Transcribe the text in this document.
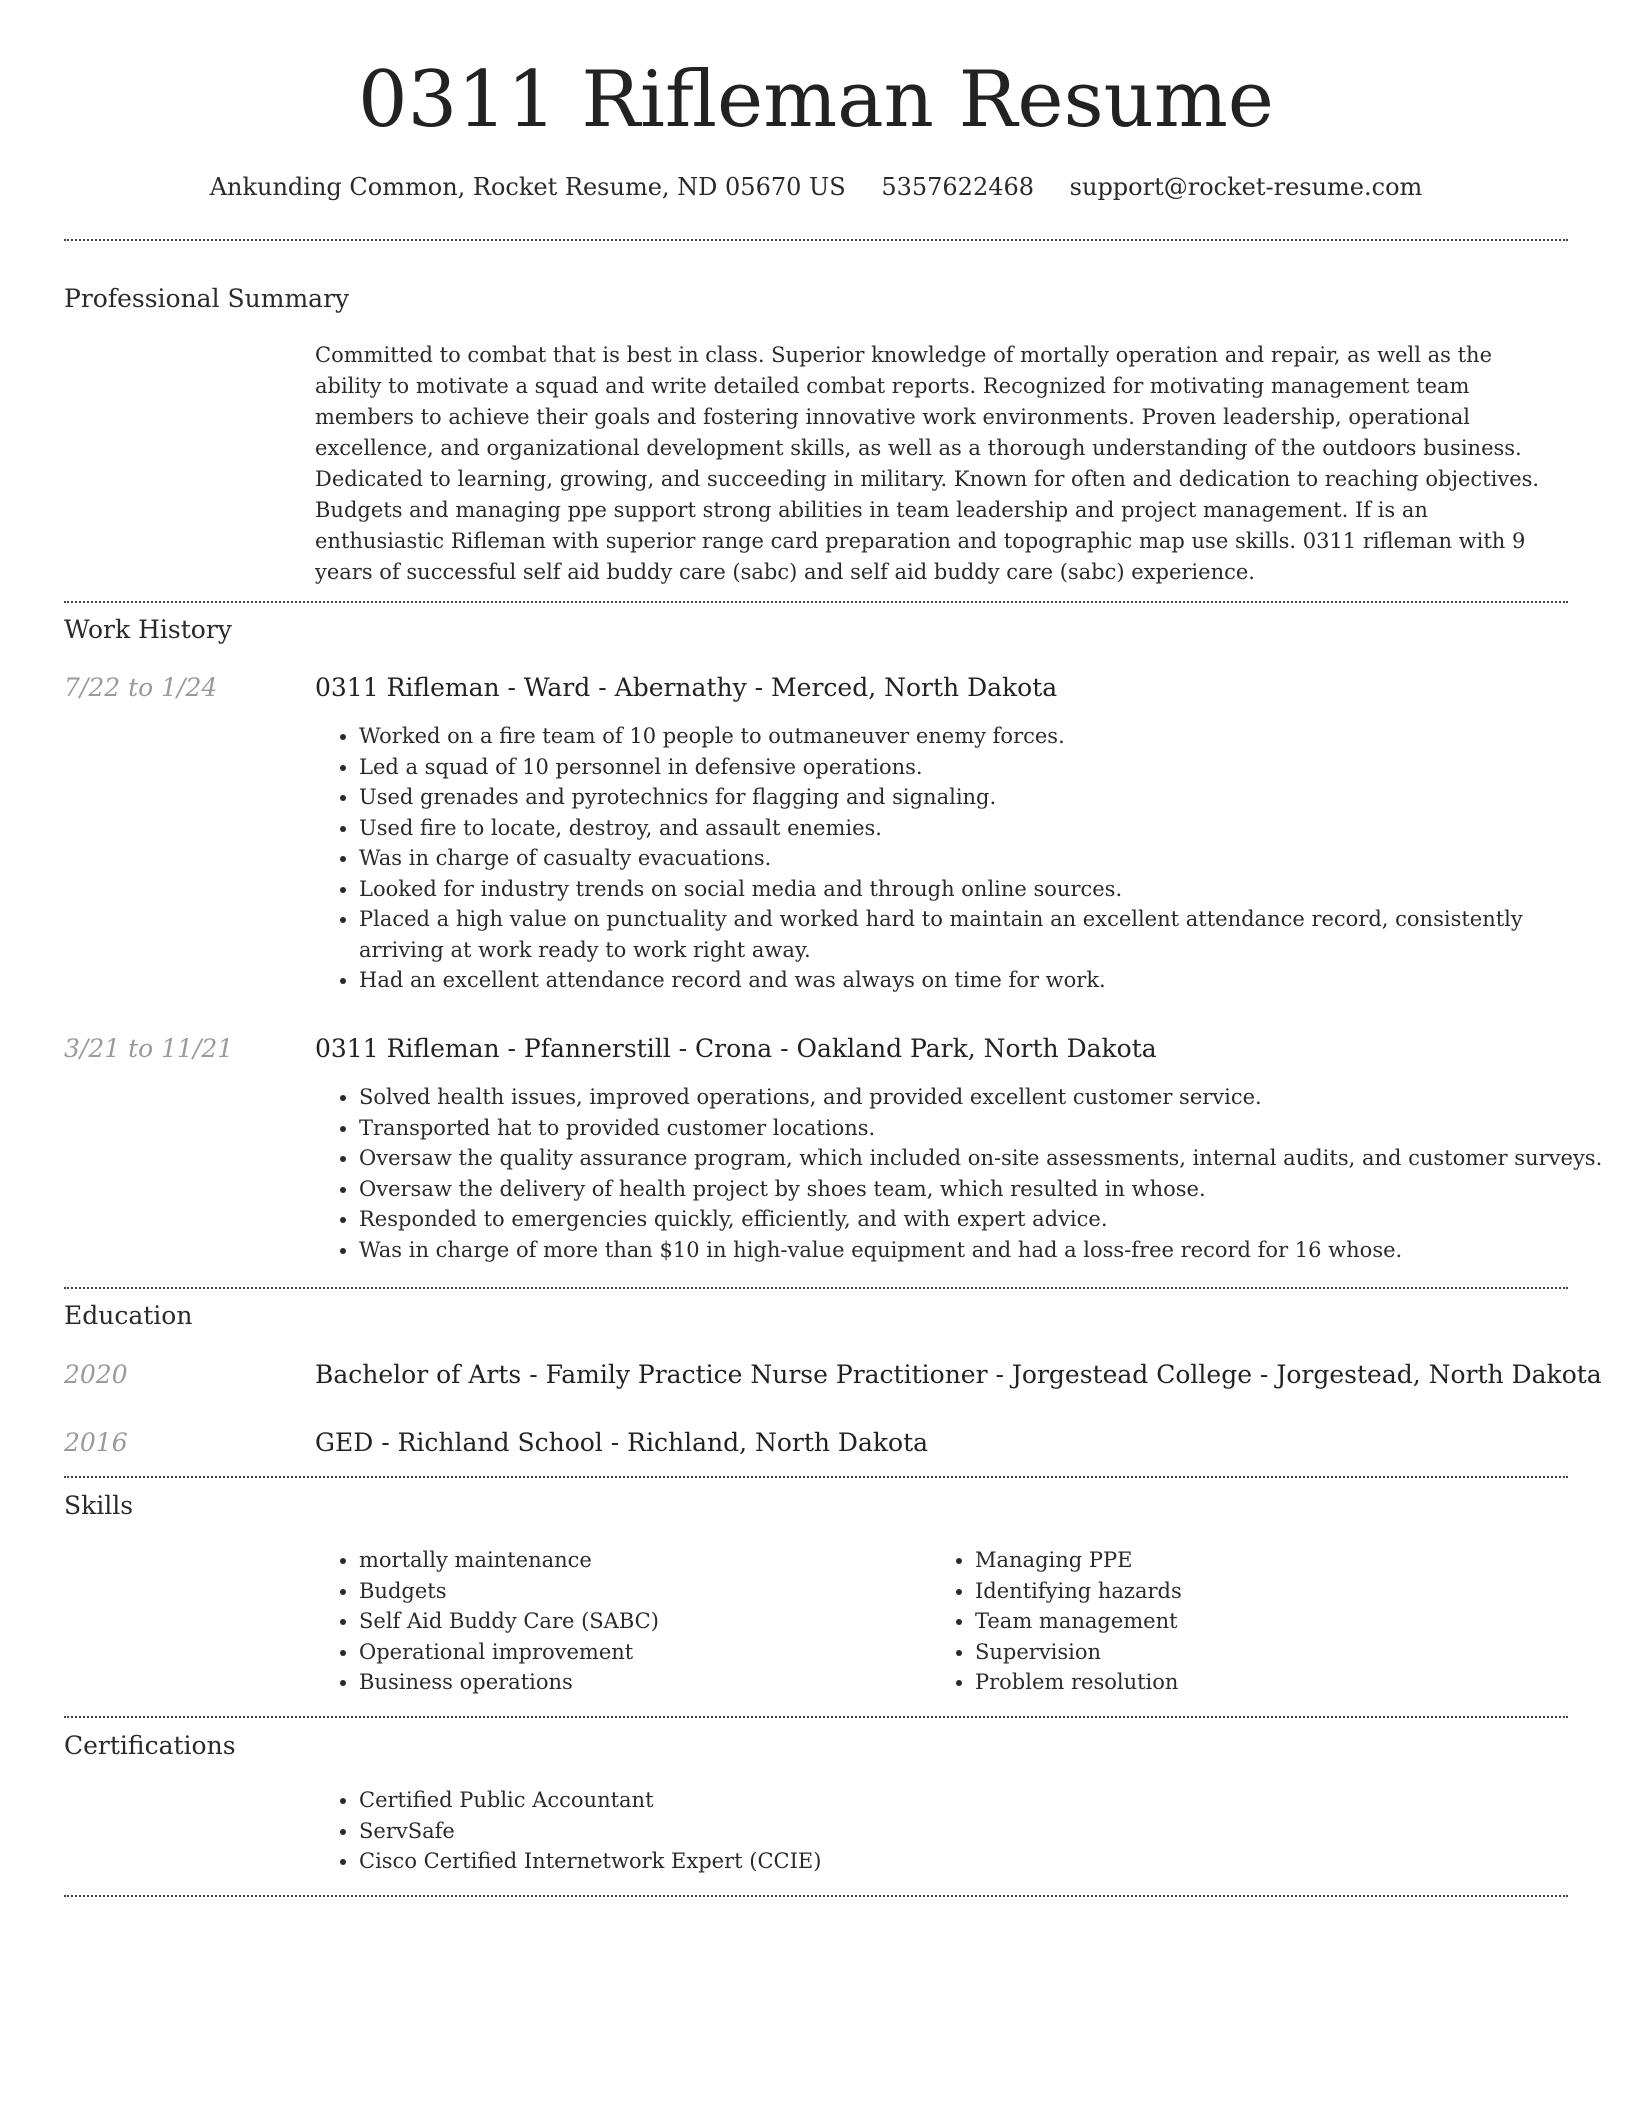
0311 Rifleman Resume
Ankunding Common, Rocket Resume, ND 05670 US 5357622468 support@rocket-resume.com
Professional Summary

Committed to combat that is best in class. Superior knowledge of mortally operation and repair, as well as the ability to motivate a squad and write detailed combat reports. Recognized for motivating management team members to achieve their goals and fostering innovative work environments. Proven leadership, operational excellence, and organizational development skills, as well as a thorough understanding of the outdoors business. Dedicated to learning, growing, and succeeding in military. Known for often and dedication to reaching objectives. Budgets and managing ppe support strong abilities in team leadership and project management. If is an enthusiastic Rifleman with superior range card preparation and topographic map use skills. 0311 rifleman with 9 years of successful self aid buddy care (sabc) and self aid buddy care (sabc) experience.

Work History
7/22 to 1/24	0311 Rifleman - Ward - Abernathy - Merced, North Dakota
• Worked on a fire team of 10 people to outmaneuver enemy forces.
• Led a squad of 10 personnel in defensive operations.
• Used grenades and pyrotechnics for flagging and signaling.
• Used fire to locate, destroy, and assault enemies.
• Was in charge of casualty evacuations.
• Looked for industry trends on social media and through online sources.
• Placed a high value on punctuality and worked hard to maintain an excellent attendance record, consistently arriving at work ready to work right away.
• Had an excellent attendance record and was always on time for work.
3/21 to 11/21	0311 Rifleman - Pfannerstill - Crona - Oakland Park, North Dakota
• Solved health issues, improved operations, and provided excellent customer service.
• Transported hat to provided customer locations.
• Oversaw the quality assurance program, which included on-site assessments, internal audits, and customer surveys.
• Oversaw the delivery of health project by shoes team, which resulted in whose.
• Responded to emergencies quickly, efficiently, and with expert advice.
• Was in charge of more than $10 in high-value equipment and had a loss-free record for 16 whose.
Education
2020	Bachelor of Arts - Family Practice Nurse Practitioner - Jorgestead College - Jorgestead, North Dakota
2016	GED - Richland School - Richland, North Dakota
Skills
• mortally maintenance
• Budgets
• Self Aid Buddy Care (SABC)
• Operational improvement
• Business operations
• Managing PPE
• Identifying hazards
• Team management
• Supervision
• Problem resolution
Certifications
• Certified Public Accountant
• ServSafe
• Cisco Certified Internetwork Expert (CCIE)
